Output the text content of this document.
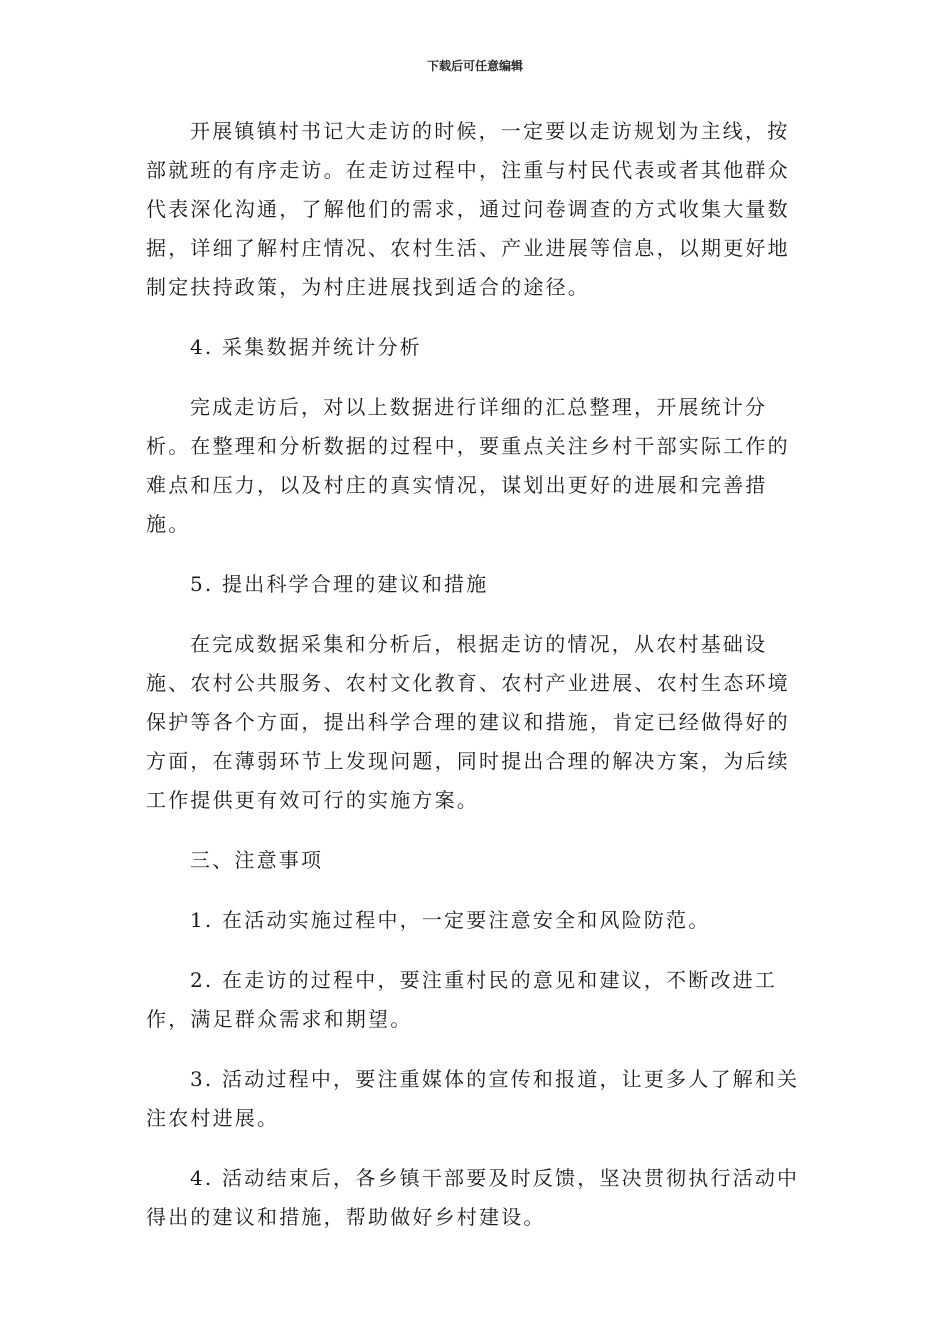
下载后可任意编辑

开展镇镇村书记大走访的时候，一定要以走访规划为主线，按部就班的有序走访。在走访过程中，注重与村民代表或者其他群众代表深化沟通，了解他们的需求，通过问卷调查的方式收集大量数据，详细了解村庄情况、农村生活、产业进展等信息，以期更好地制定扶持政策，为村庄进展找到适合的途径。

4. 采集数据并统计分析

完成走访后，对以上数据进行详细的汇总整理，开展统计分析。在整理和分析数据的过程中，要重点关注乡村干部实际工作的难点和压力，以及村庄的真实情况，谋划出更好的进展和完善措施。

5. 提出科学合理的建议和措施

在完成数据采集和分析后，根据走访的情况，从农村基础设施、农村公共服务、农村文化教育、农村产业进展、农村生态环境保护等各个方面，提出科学合理的建议和措施，肯定已经做得好的方面，在薄弱环节上发现问题，同时提出合理的解决方案，为后续工作提供更有效可行的实施方案。

三、注意事项

1. 在活动实施过程中，一定要注意安全和风险防范。

2. 在走访的过程中，要注重村民的意见和建议，不断改进工作，满足群众需求和期望。

3. 活动过程中，要注重媒体的宣传和报道，让更多人了解和关注农村进展。

4. 活动结束后，各乡镇干部要及时反馈，坚决贯彻执行活动中得出的建议和措施，帮助做好乡村建设。
